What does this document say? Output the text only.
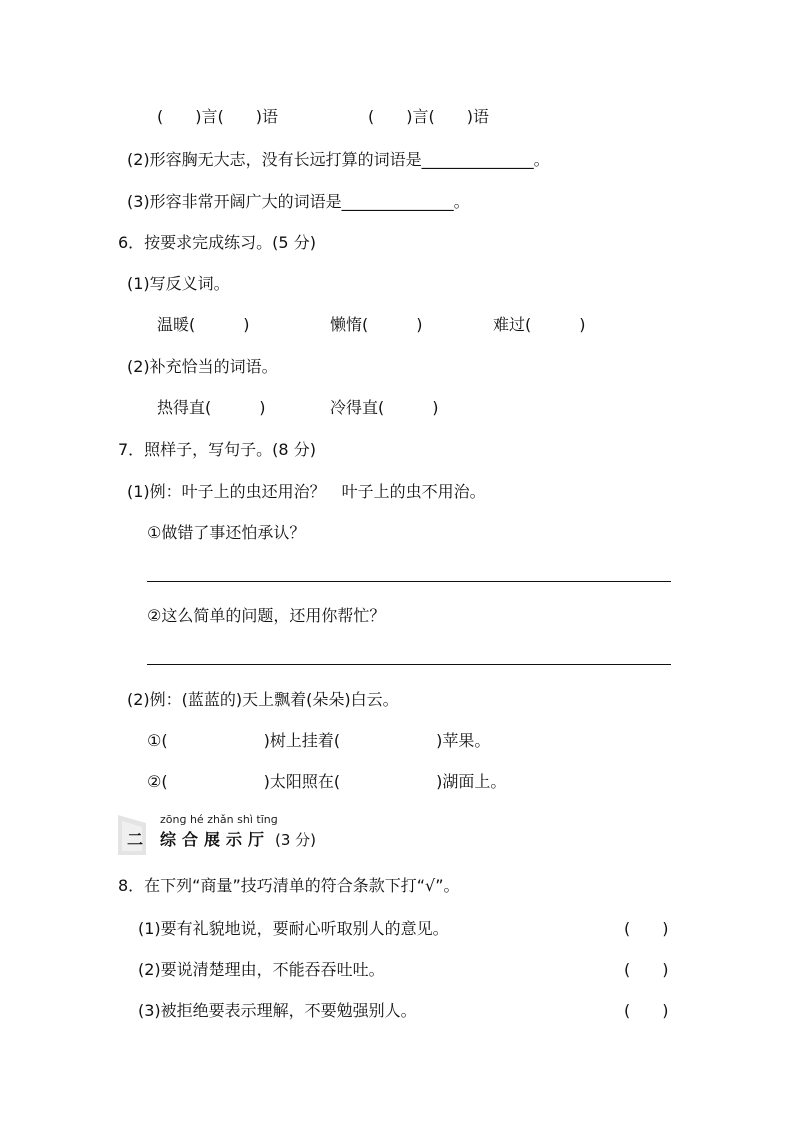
(　　)言(　　)语	(　　)言(　　)语
(2)形容胸无大志，没有长远打算的词语是______________。
(3)形容非常开阔广大的词语是______________。
6．按要求完成练习。(5 分)
(1)写反义词。
温暖(　　　)	懒惰(　　　)	难过(　　　)
(2)补充恰当的词语。
热得直(　　　)	冷得直(　　　)
7．照样子，写句子。(8 分)
(1)例：叶子上的虫还用治？　叶子上的虫不用治。
①做错了事还怕承认？
②这么简单的问题，还用你帮忙？
(2)例：(蓝蓝的)天上飘着(朵朵)白云。
①(　　　　　　)树上挂着(　　　　　　)苹果。
②(　　　　　　)太阳照在(　　　　　　)湖面上。
二
zōnɡ hé zhǎn shì tīnɡ
综合展示厅 (3 分)
8．在下列“商量”技巧清单的符合条款下打“√”。
(1)要有礼貌地说，要耐心听取别人的意见。	(　　)
(2)要说清楚理由，不能吞吞吐吐。	(　　)
(3)被拒绝要表示理解，不要勉强别人。	(　　)
